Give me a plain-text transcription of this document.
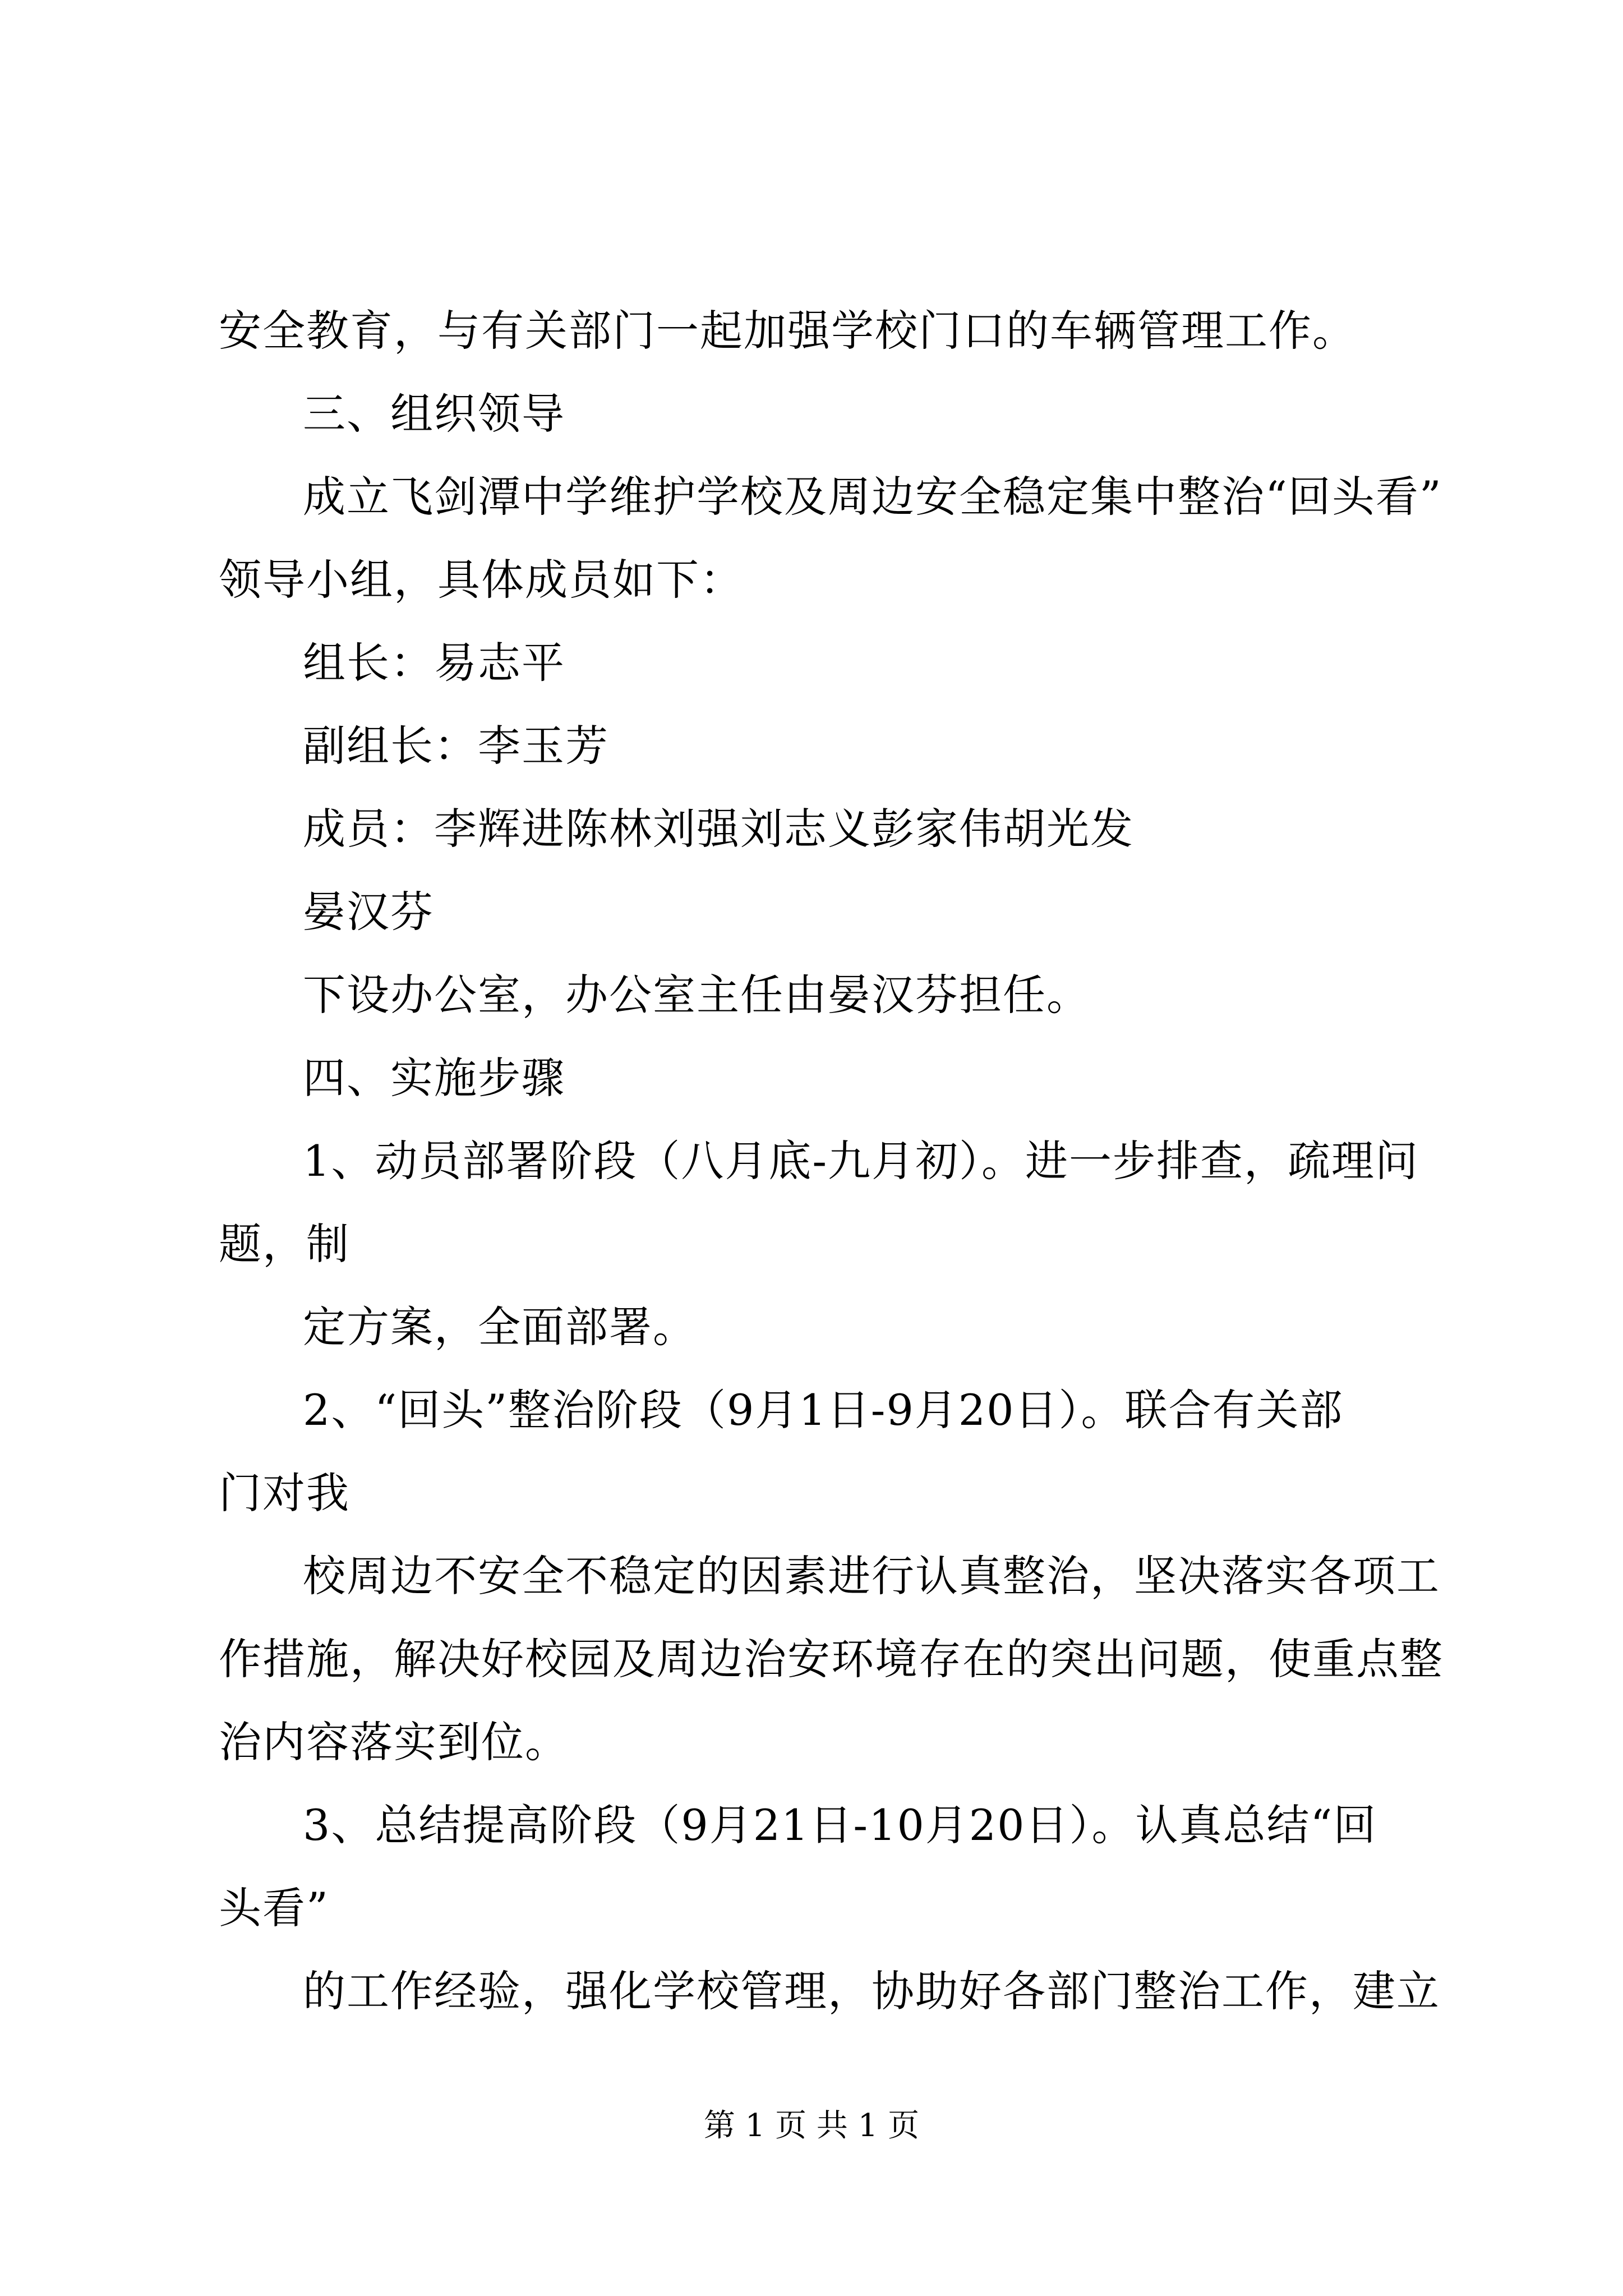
安全教育，与有关部门一起加强学校门口的车辆管理工作。
三、组织领导
成立飞剑潭中学维护学校及周边安全稳定集中整治“回头看”
领导小组，具体成员如下：
组长：易志平
副组长：李玉芳
成员：李辉进陈林刘强刘志义彭家伟胡光发
晏汉芬
下设办公室，办公室主任由晏汉芬担任。
四、实施步骤
1、动员部署阶段（八月底-九月初）。进一步排查，疏理问
题，制
定方案，全面部署。
2、“回头”整治阶段（9月1日-9月20日）。联合有关部
门对我
校周边不安全不稳定的因素进行认真整治，坚决落实各项工
作措施，解决好校园及周边治安环境存在的突出问题，使重点整
治内容落实到位。
3、总结提高阶段（9月21日-10月20日）。认真总结“回
头看”
的工作经验，强化学校管理，协助好各部门整治工作，建立
第 1 页 共 1 页
